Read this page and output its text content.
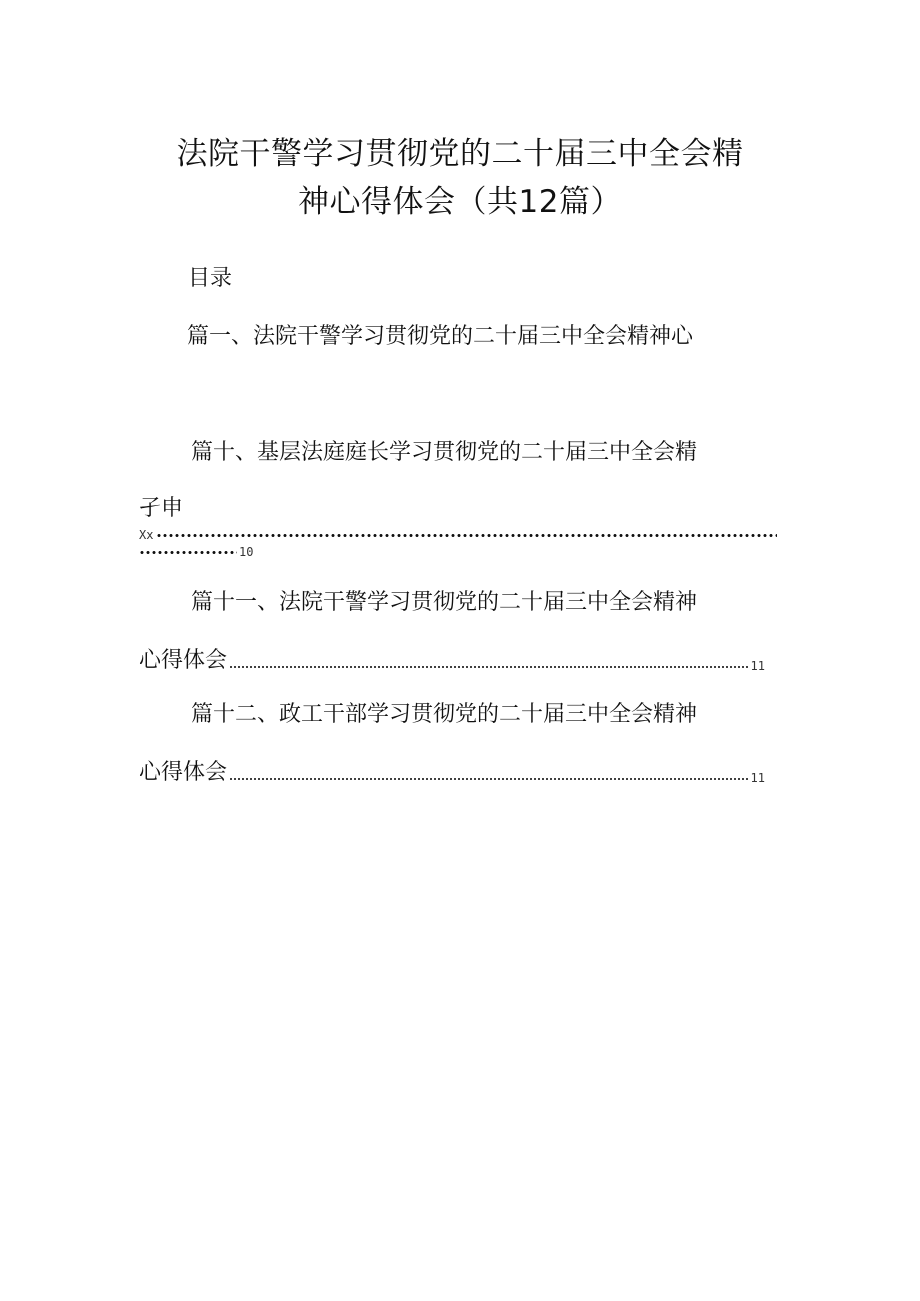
法院干警学习贯彻党的二十届三中全会精
神心得体会（共12篇）
目录
篇一、法院干警学习贯彻党的二十届三中全会精神心
篇十、基层法庭庭长学习贯彻党的二十届三中全会精
孑申
Xx
10
篇十一、法院干警学习贯彻党的二十届三中全会精神
心得体会	11
篇十二、政工干部学习贯彻党的二十届三中全会精神
心得体会	11
